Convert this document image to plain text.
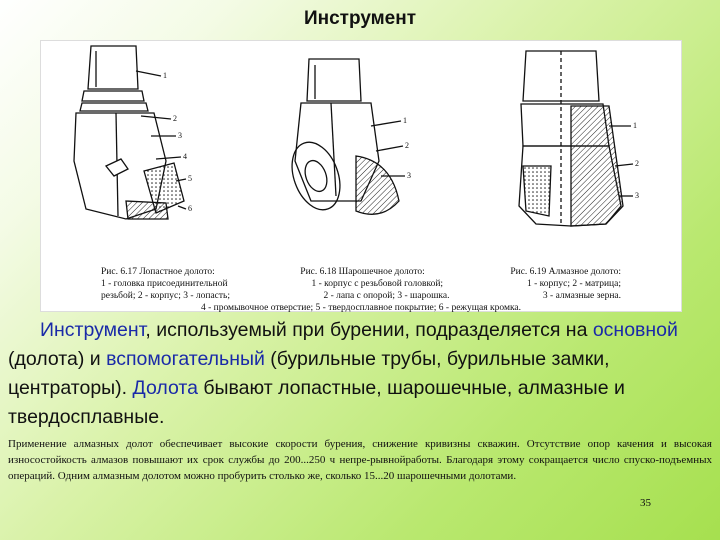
Инструмент
1
2
3
4
5
6
1
2
3
1
2
3
Рис. 6.17 Лопастное долото:	Рис. 6.18 Шарошечное долото:	Рис. 6.19 Алмазное долото:
1 - головка присоединительной	1 - корпус с резьбовой головкой;	1 - корпус; 2 - матрица;
резьбой; 2 - корпус; 3 - лопасть;	2 - лапа с опорой; 3 - шарошка.	3 - алмазные зерна.
4 - промывочное отверстие; 5 - твердосплавное покрытие; 6 - режущая кромка.
Инструмент, используемый при бурении, подразделяется на основной (долота) и вспомогательный (бурильные трубы, бурильные замки, центраторы). Долота бывают лопастные, шарошечные, алмазные и твердосплавные.
Применение алмазных долот обеспечивает высокие скорости бурения, снижение кривизны скважин. Отсутствие опор качения и высокая износостойкость алмазов повышают их срок службы до 200...250 ч непре-рывнойработы. Благодаря этому сокращается число спуско-подъемных операций. Одним алмазным долотом можно пробурить столько же, сколько 15...20 шарошечными долотами.
35
